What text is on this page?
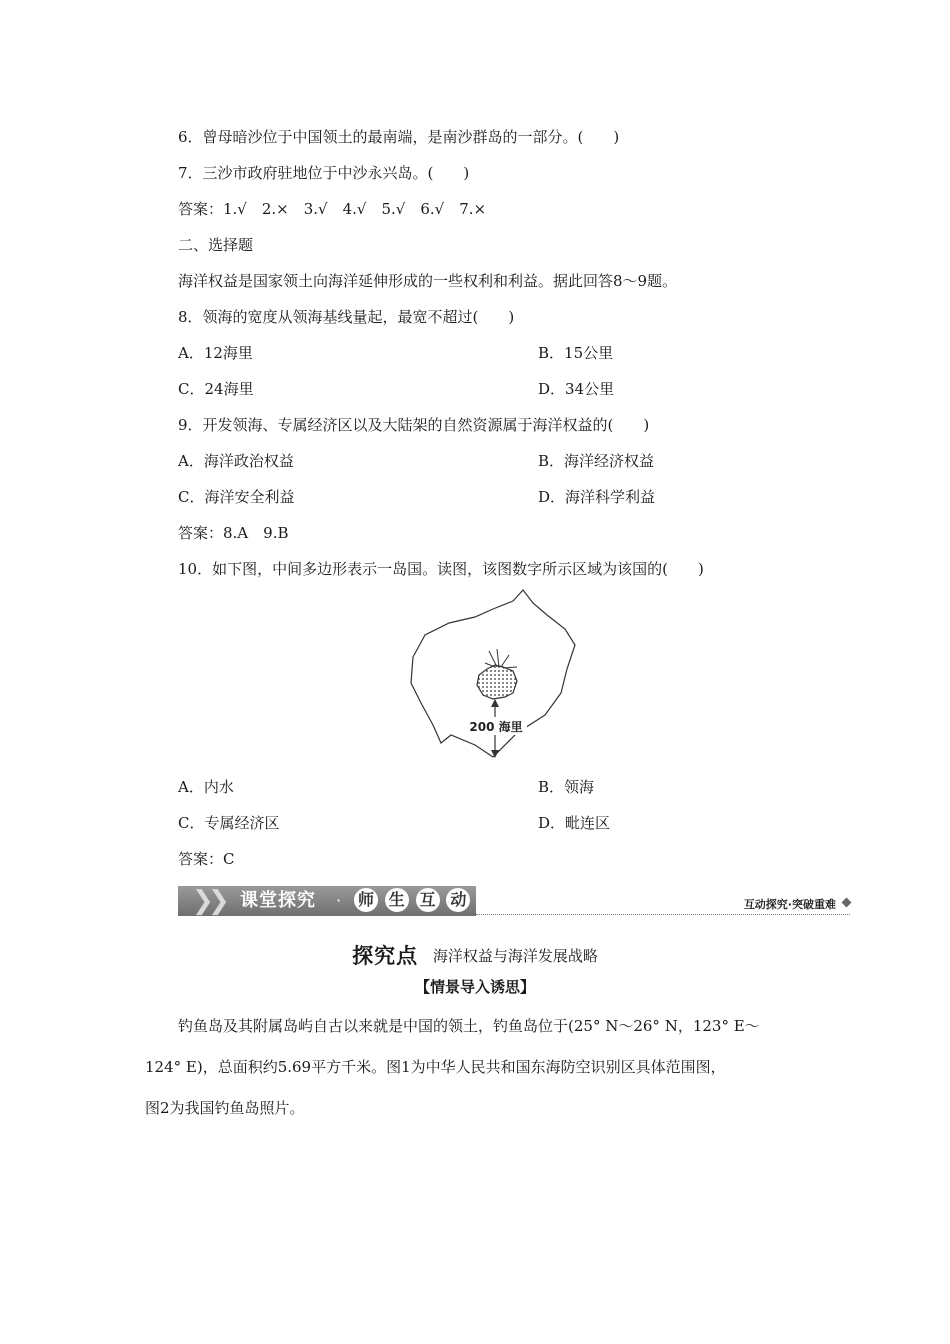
6．曾母暗沙位于中国领土的最南端，是南沙群岛的一部分。(　　)
7．三沙市政府驻地位于中沙永兴岛。(　　)
答案：1.√　2.×　3.√　4.√　5.√　6.√　7.×
二、选择题
海洋权益是国家领土向海洋延伸形成的一些权利和利益。据此回答8～9题。
8．领海的宽度从领海基线量起，最宽不超过(　　)
A．12海里	B．15公里
C．24海里	D．34公里
9．开发领海、专属经济区以及大陆架的自然资源属于海洋权益的(　　)
A．海洋政治权益	B．海洋经济权益
C．海洋安全利益	D．海洋科学利益
答案：8.A　9.B
10．如下图，中间多边形表示一岛国。读图，该图数字所示区域为该国的(　　)
200 海里
A．内水	B．领海
C．专属经济区	D．毗连区
答案：C
❯
❯ 课堂探究 · 师 生 互 动	互动探究·突破重难
探究点 海洋权益与海洋发展战略
【情景导入诱思】
钓鱼岛及其附属岛屿自古以来就是中国的领土，钓鱼岛位于(25° N～26° N，123° E～
124° E)，总面积约5.69平方千米。图1为中华人民共和国东海防空识别区具体范围图，
图2为我国钓鱼岛照片。
